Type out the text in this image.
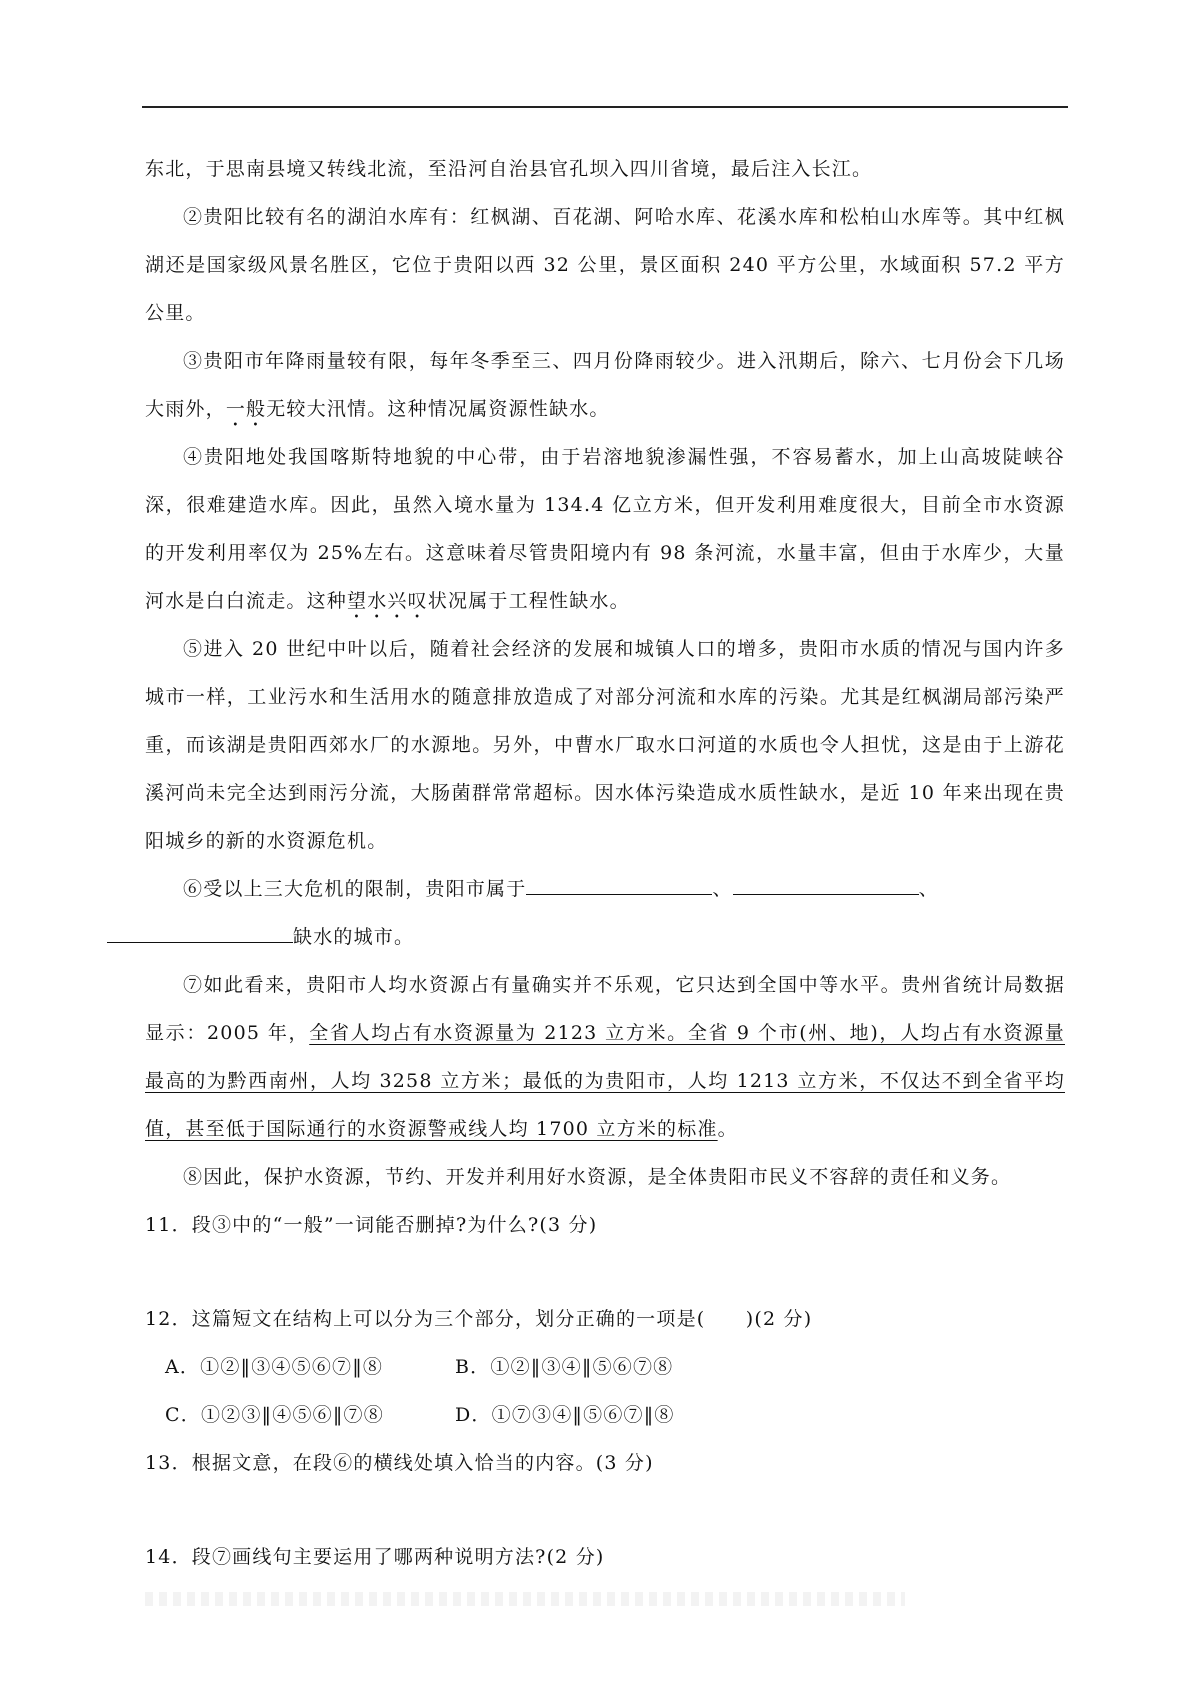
东北，于思南县境又转线北流，至沿河自治县官孔坝入四川省境，最后注入长江。

②贵阳比较有名的湖泊水库有：红枫湖、百花湖、阿哈水库、花溪水库和松柏山水库等。其中红枫湖还是国家级风景名胜区，它位于贵阳以西 32 公里，景区面积 240 平方公里，水域面积 57.2 平方公里。

③贵阳市年降雨量较有限，每年冬季至三、四月份降雨较少。进入汛期后，除六、七月份会下几场大雨外，一般无较大汛情。这种情况属资源性缺水。

④贵阳地处我国喀斯特地貌的中心带，由于岩溶地貌渗漏性强，不容易蓄水，加上山高坡陡峡谷深，很难建造水库。因此，虽然入境水量为 134.4 亿立方米，但开发利用难度很大，目前全市水资源的开发利用率仅为 25%左右。这意味着尽管贵阳境内有 98 条河流，水量丰富，但由于水库少，大量河水是白白流走。这种望水兴叹状况属于工程性缺水。

⑤进入 20 世纪中叶以后，随着社会经济的发展和城镇人口的增多，贵阳市水质的情况与国内许多城市一样，工业污水和生活用水的随意排放造成了对部分河流和水库的污染。尤其是红枫湖局部污染严重，而该湖是贵阳西郊水厂的水源地。另外，中曹水厂取水口河道的水质也令人担忧，这是由于上游花溪河尚未完全达到雨污分流，大肠菌群常常超标。因水体污染造成水质性缺水，是近 10 年来出现在贵阳城乡的新的水资源危机。

⑥受以上三大危机的限制，贵阳市属于	、	、
缺水的城市。

⑦如此看来，贵阳市人均水资源占有量确实并不乐观，它只达到全国中等水平。贵州省统计局数据显示：2005 年，全省人均占有水资源量为 2123 立方米。全省 9 个市(州、地)，人均占有水资源量最高的为黔西南州，人均 3258 立方米；最低的为贵阳市，人均 1213 立方米，不仅达不到全省平均值，甚至低于国际通行的水资源警戒线人均 1700 立方米的标准。

⑧因此，保护水资源，节约、开发并利用好水资源，是全体贵阳市民义不容辞的责任和义务。

11．段③中的“一般”一词能否删掉?为什么?(3 分)

12．这篇短文在结构上可以分为三个部分，划分正确的一项是(　　)(2 分)

A．①②‖③④⑤⑥⑦‖⑧	B．①②‖③④‖⑤⑥⑦⑧

C．①②③‖④⑤⑥‖⑦⑧	D．①⑦③④‖⑤⑥⑦‖⑧

13．根据文意，在段⑥的横线处填入恰当的内容。(3 分)

14．段⑦画线句主要运用了哪两种说明方法?(2 分)
